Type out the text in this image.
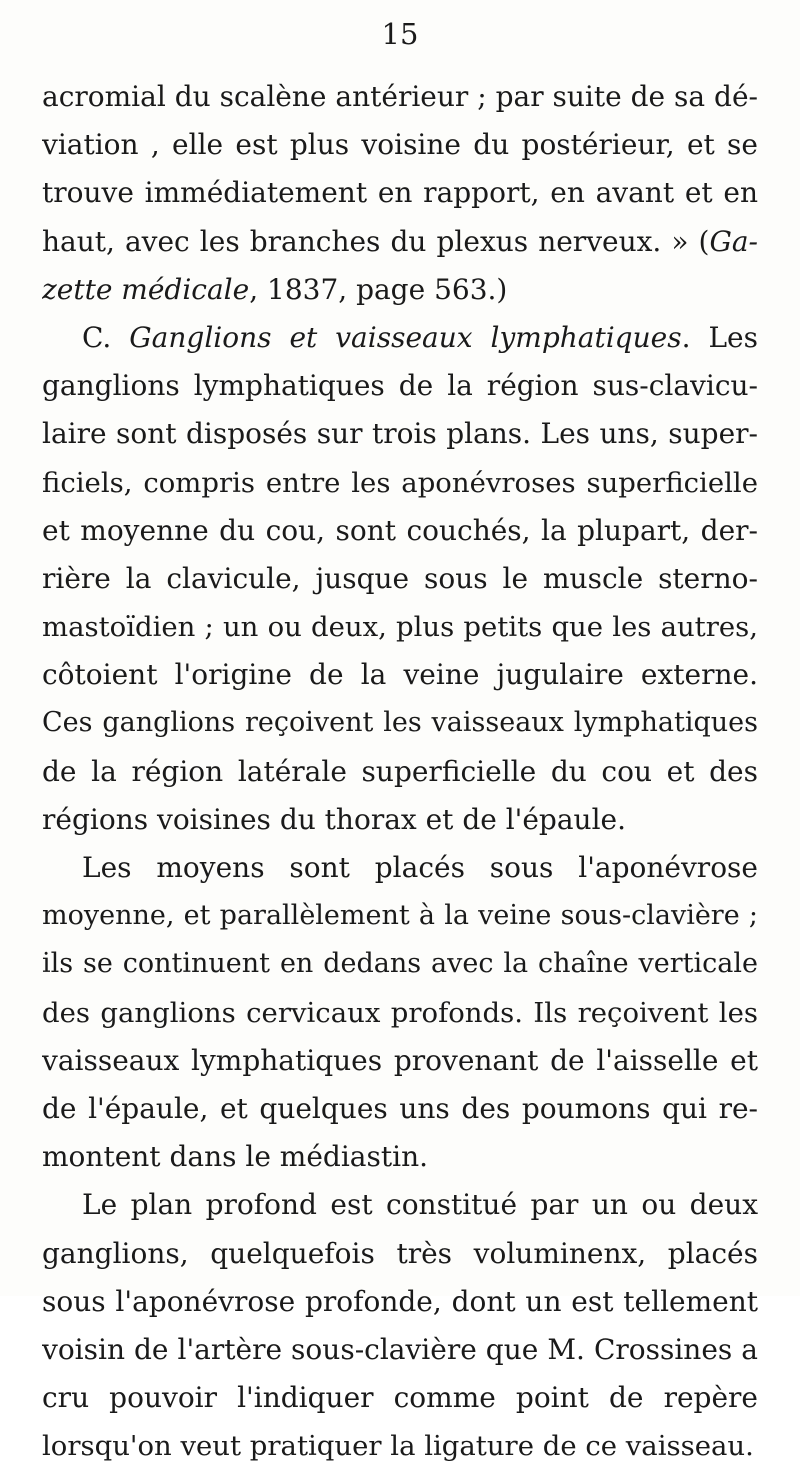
15
acromial du scalène antérieur ; par suite de sa dé-
viation , elle est plus voisine du postérieur, et se
trouve immédiatement en rapport, en avant et en
haut, avec les branches du plexus nerveux. » (Ga-
zette médicale, 1837, page 563.)
C. Ganglions et vaisseaux lymphatiques. Les
ganglions lymphatiques de la région sus-clavicu-
laire sont disposés sur trois plans. Les uns, super-
ficiels, compris entre les aponévroses superficielle
et moyenne du cou, sont couchés, la plupart, der-
rière la clavicule, jusque sous le muscle sterno-
mastoïdien ; un ou deux, plus petits que les autres,
côtoient l'origine de la veine jugulaire externe.
Ces ganglions reçoivent les vaisseaux lymphatiques
de la région latérale superficielle du cou et des
régions voisines du thorax et de l'épaule.
Les moyens sont placés sous l'aponévrose
moyenne, et parallèlement à la veine sous-clavière ;
ils se continuent en dedans avec la chaîne verticale
des ganglions cervicaux profonds. Ils reçoivent les
vaisseaux lymphatiques provenant de l'aisselle et
de l'épaule, et quelques uns des poumons qui re-
montent dans le médiastin.
Le plan profond est constitué par un ou deux
ganglions, quelquefois très voluminenx, placés
sous l'aponévrose profonde, dont un est tellement
voisin de l'artère sous-clavière que M. Crossines a
cru pouvoir l'indiquer comme point de repère
lorsqu'on veut pratiquer la ligature de ce vaisseau.
